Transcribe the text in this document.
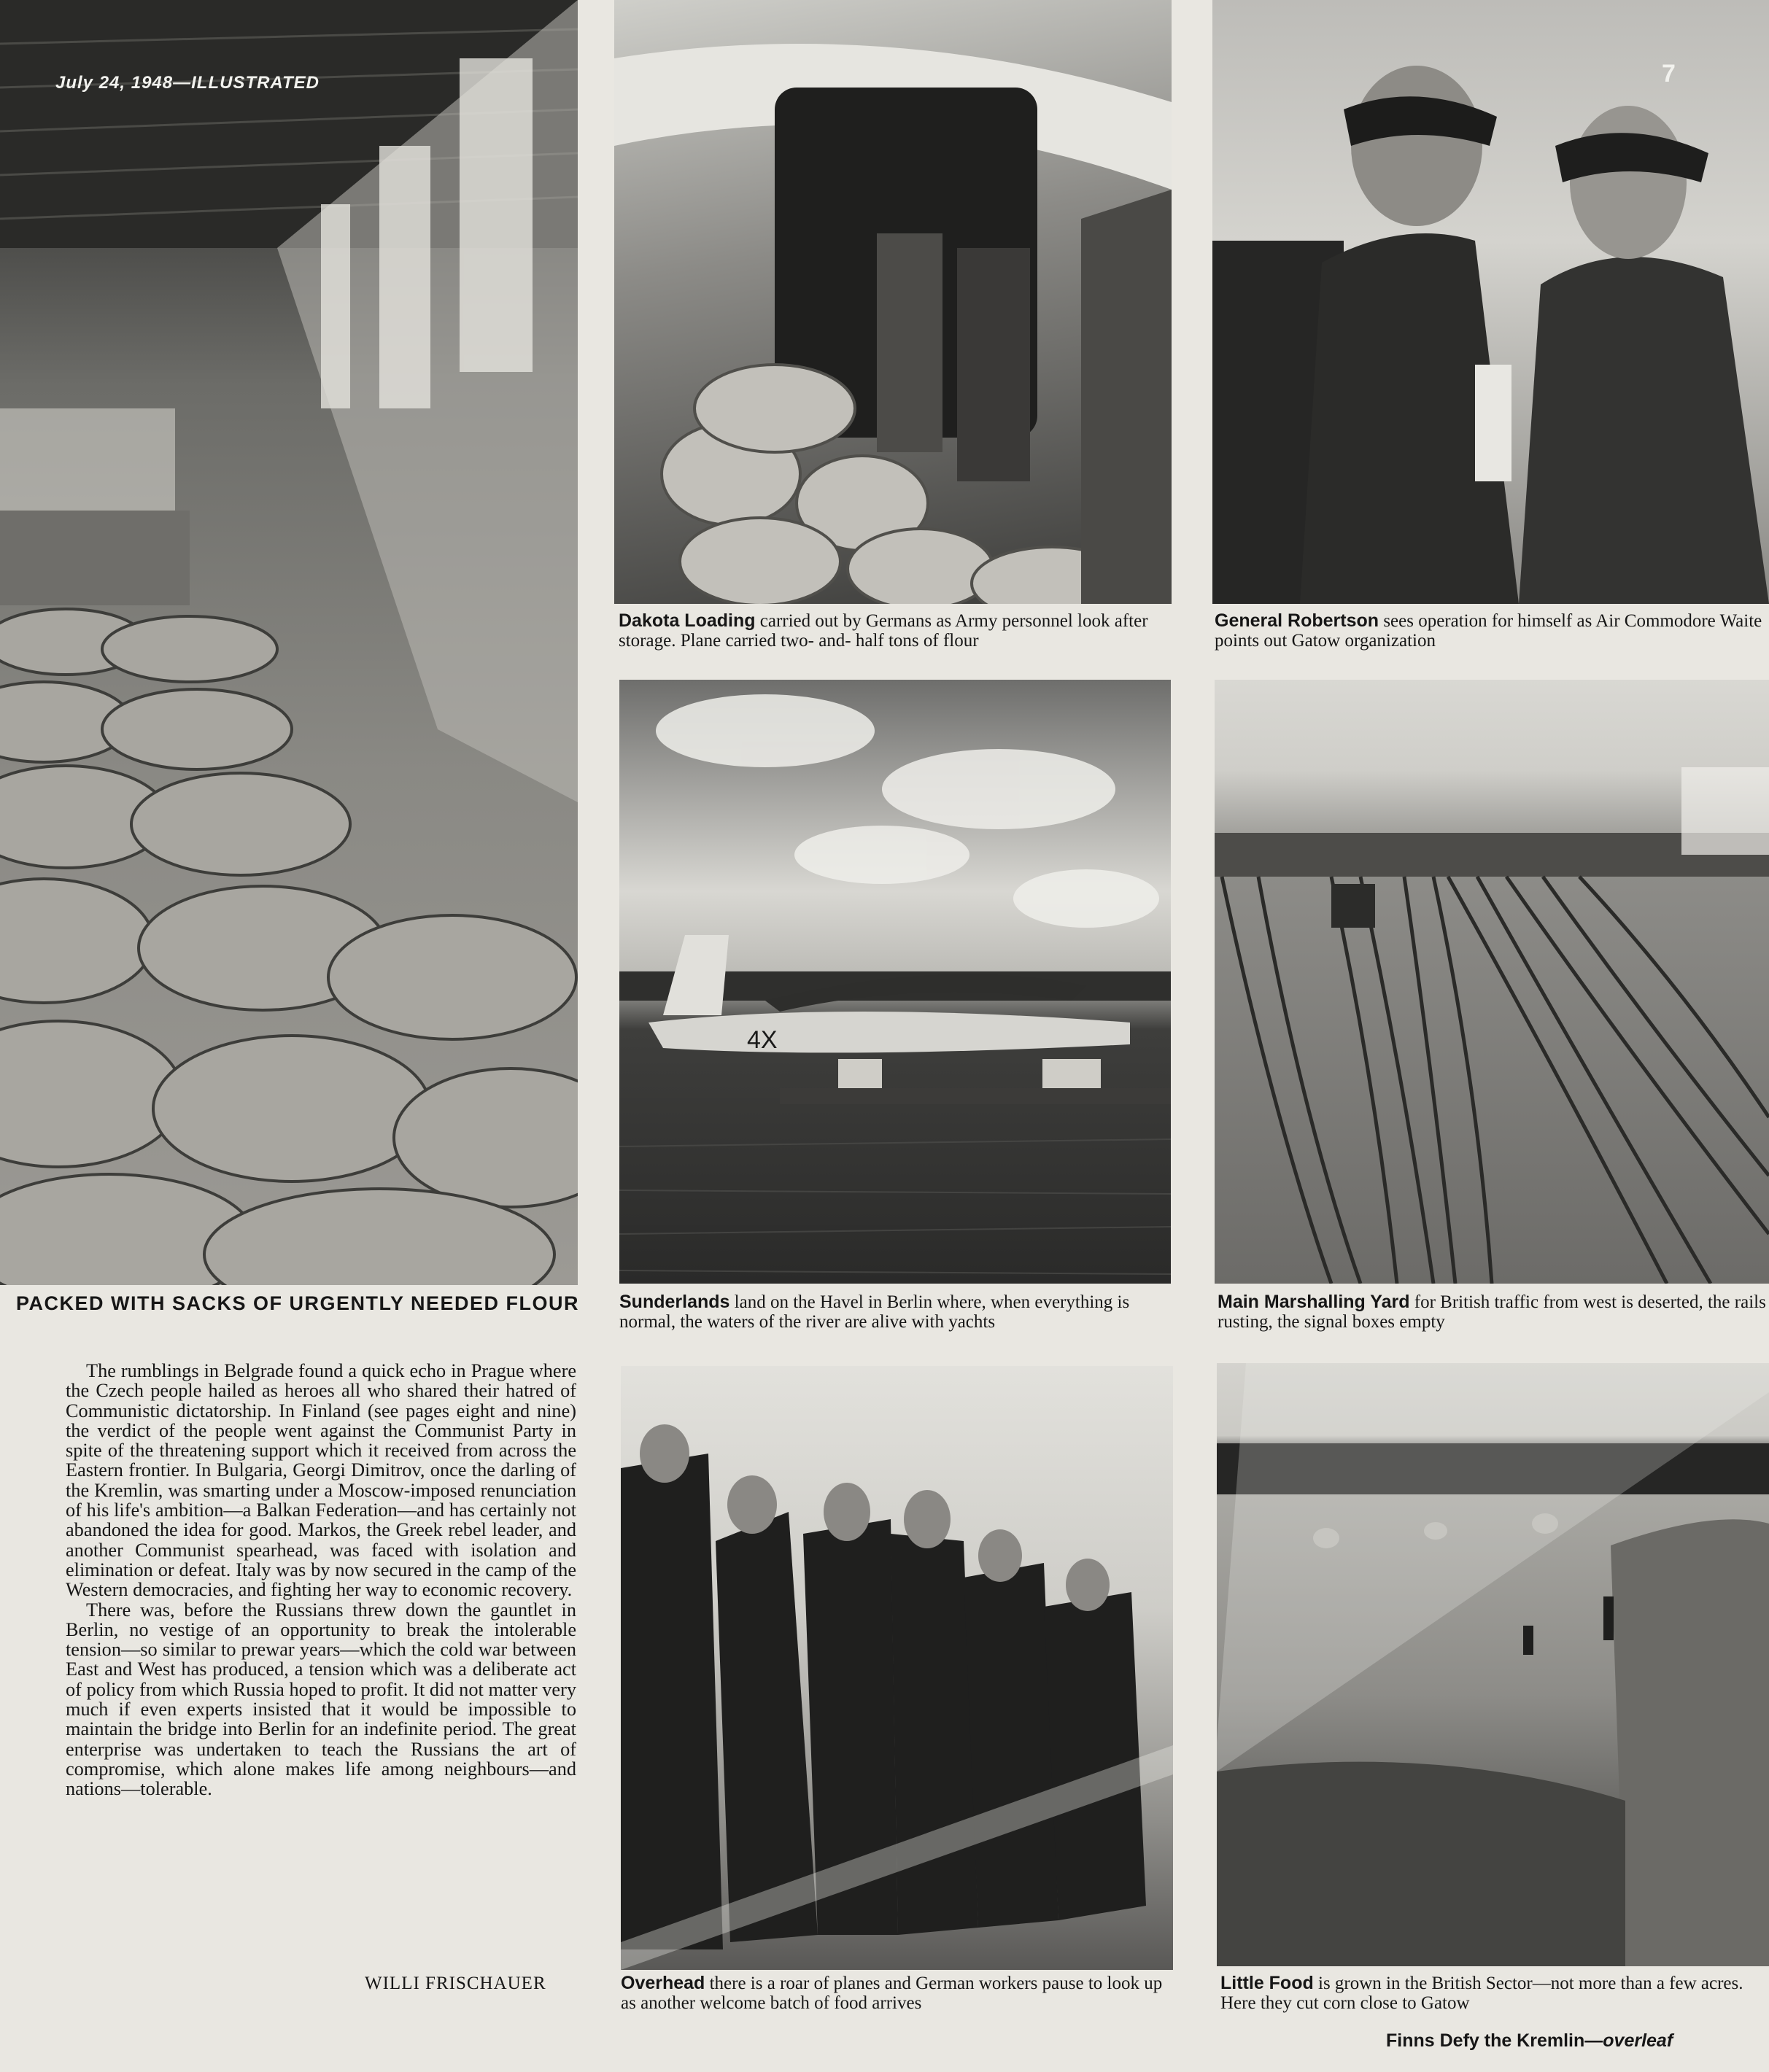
July 24, 1948—ILLUSTRATED	7
PACKED WITH SACKS OF URGENTLY NEEDED FLOUR
Dakota Loading carried out by Germans as Army personnel look after storage. Plane carried two- and- half tons of flour
General Robertson sees operation for himself as Air Commodore Waite points out Gatow organization
4X
Sunderlands land on the Havel in Berlin where, when everything is normal, the waters of the river are alive with yachts
Main Marshalling Yard for British traffic from west is deserted, the rails rusting, the signal boxes empty
Overhead there is a roar of planes and German workers pause to look up as another welcome batch of food arrives
Little Food is grown in the British Sector—not more than a few acres. Here they cut corn close to Gatow

The rumblings in Belgrade found a quick echo in Prague where the Czech people hailed as heroes all who shared their hatred of Communistic dictatorship. In Finland (see pages eight and nine) the verdict of the people went against the Communist Party in spite of the threatening support which it received from across the Eastern frontier. In Bulgaria, Georgi Dimitrov, once the darling of the Kremlin, was smarting under a Moscow-imposed renunciation of his life's ambition—a Balkan Federation—and has certainly not abandoned the idea for good. Markos, the Greek rebel leader, and another Communist spearhead, was faced with isolation and elimination or defeat. Italy was by now secured in the camp of the Western democracies, and fighting her way to economic recovery.

There was, before the Russians threw down the gauntlet in Berlin, no vestige of an opportunity to break the intolerable tension—so similar to prewar years—which the cold war between East and West has produced, a tension which was a deliberate act of policy from which Russia hoped to profit. It did not matter very much if even experts insisted that it would be impossible to maintain the bridge into Berlin for an indefinite period. The great enterprise was undertaken to teach the Russians the art of compromise, which alone makes life among neighbours—and nations—tolerable.

WILLI FRISCHAUER
Finns Defy the Kremlin—overleaf
